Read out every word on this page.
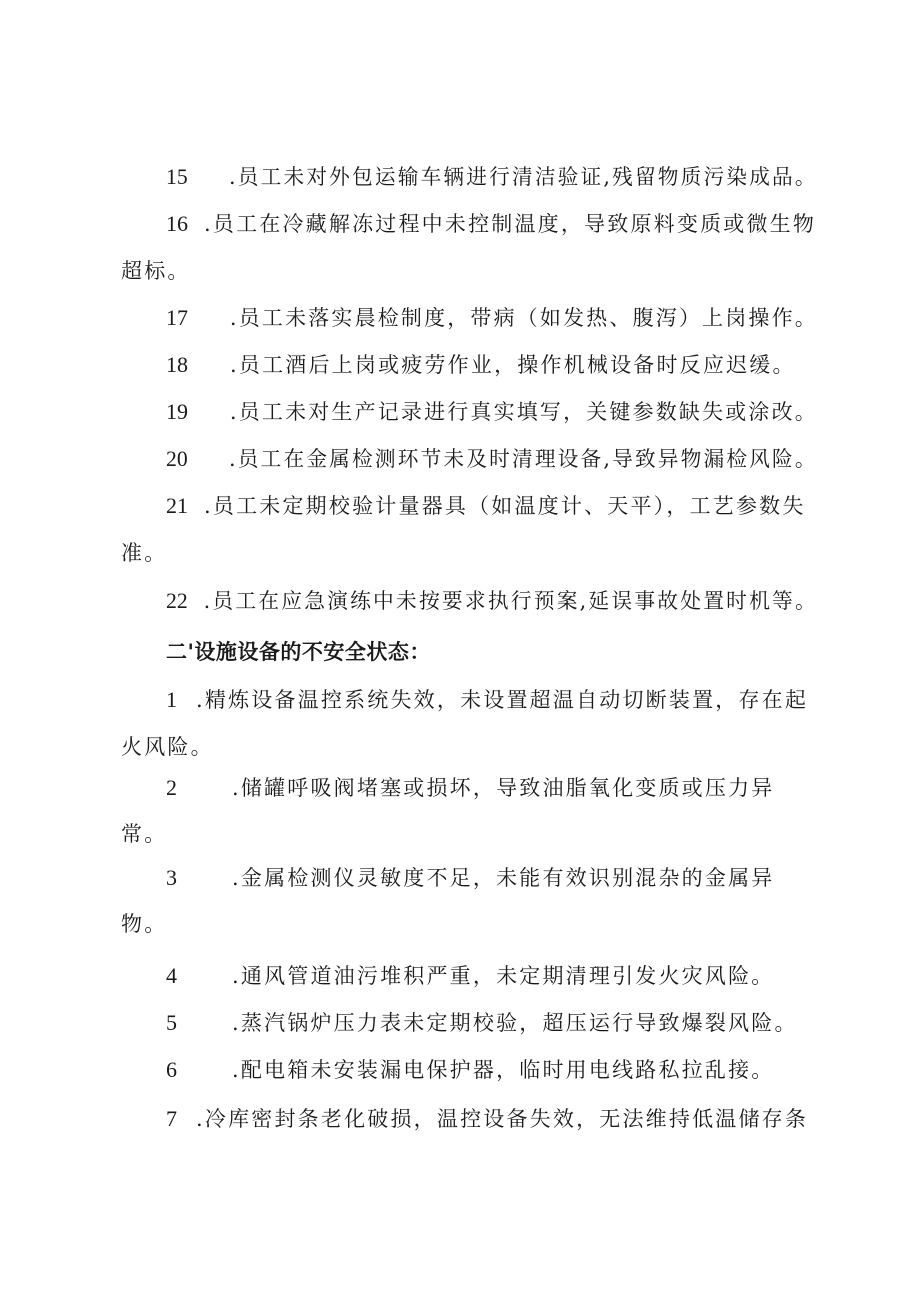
15 .员工未对外包运输车辆进行清洁验证,残留物质污染成品。
16 .员工在冷藏解冻过程中未控制温度，导致原料变质或微生物
超标。
17 .员工未落实晨检制度，带病（如发热、腹泻）上岗操作。
18 .员工酒后上岗或疲劳作业，操作机械设备时反应迟缓。
19 .员工未对生产记录进行真实填写，关键参数缺失或涂改。
20 .员工在金属检测环节未及时清理设备,导致异物漏检风险。
21 .员工未定期校验计量器具（如温度计、天平），工艺参数失
准。
22 .员工在应急演练中未按要求执行预案,延误事故处置时机等。
二'设施设备的不安全状态：
1 .精炼设备温控系统失效，未设置超温自动切断装置，存在起
火风险。
2	.储罐呼吸阀堵塞或损坏，导致油脂氧化变质或压力异
常。
3	.金属检测仪灵敏度不足，未能有效识别混杂的金属异
物。
4	.通风管道油污堆积严重，未定期清理引发火灾风险。
5	.蒸汽锅炉压力表未定期校验，超压运行导致爆裂风险。
6	.配电箱未安装漏电保护器，临时用电线路私拉乱接。
7 .冷库密封条老化破损，温控设备失效，无法维持低温储存条
